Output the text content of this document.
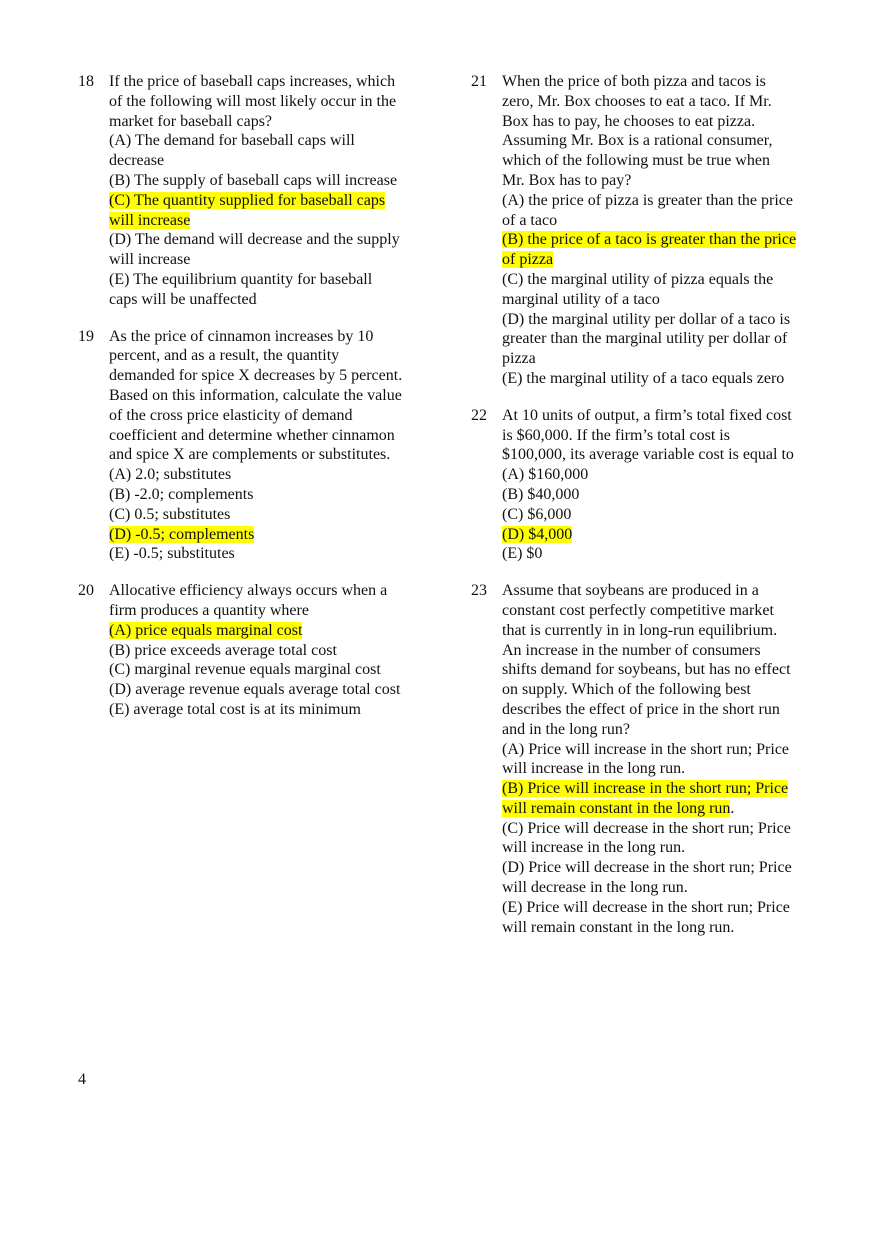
18 If the price of baseball caps increases, which
of the following will most likely occur in the
market for baseball caps?
(A) The demand for baseball caps will
decrease
(B) The supply of baseball caps will increase
(C) The quantity supplied for baseball caps
will increase
(D) The demand will decrease and the supply
will increase
(E) The equilibrium quantity for baseball
caps will be unaffected
19 As the price of cinnamon increases by 10
percent, and as a result, the quantity
demanded for spice X decreases by 5 percent.
Based on this information, calculate the value
of the cross price elasticity of demand
coefficient and determine whether cinnamon
and spice X are complements or substitutes.
(A) 2.0; substitutes
(B) -2.0; complements
(C) 0.5; substitutes
(D) -0.5; complements
(E) -0.5; substitutes
20 Allocative efficiency always occurs when a
firm produces a quantity where
(A) price equals marginal cost
(B) price exceeds average total cost
(C) marginal revenue equals marginal cost
(D) average revenue equals average total cost
(E) average total cost is at its minimum
21 When the price of both pizza and tacos is
zero, Mr. Box chooses to eat a taco. If Mr.
Box has to pay, he chooses to eat pizza.
Assuming Mr. Box is a rational consumer,
which of the following must be true when
Mr. Box has to pay?
(A) the price of pizza is greater than the price
of a taco
(B) the price of a taco is greater than the price
of pizza
(C) the marginal utility of pizza equals the
marginal utility of a taco
(D) the marginal utility per dollar of a taco is
greater than the marginal utility per dollar of
pizza
(E) the marginal utility of a taco equals zero
22 At 10 units of output, a firm’s total fixed cost
is $60,000. If the firm’s total cost is
$100,000, its average variable cost is equal to
(A) $160,000
(B) $40,000
(C) $6,000
(D) $4,000
(E) $0
23 Assume that soybeans are produced in a
constant cost perfectly competitive market
that is currently in in long-run equilibrium.
An increase in the number of consumers
shifts demand for soybeans, but has no effect
on supply. Which of the following best
describes the effect of price in the short run
and in the long run?
(A) Price will increase in the short run; Price
will increase in the long run.
(B) Price will increase in the short run; Price
will remain constant in the long run.
(C) Price will decrease in the short run; Price
will increase in the long run.
(D) Price will decrease in the short run; Price
will decrease in the long run.
(E) Price will decrease in the short run; Price
will remain constant in the long run.
4
